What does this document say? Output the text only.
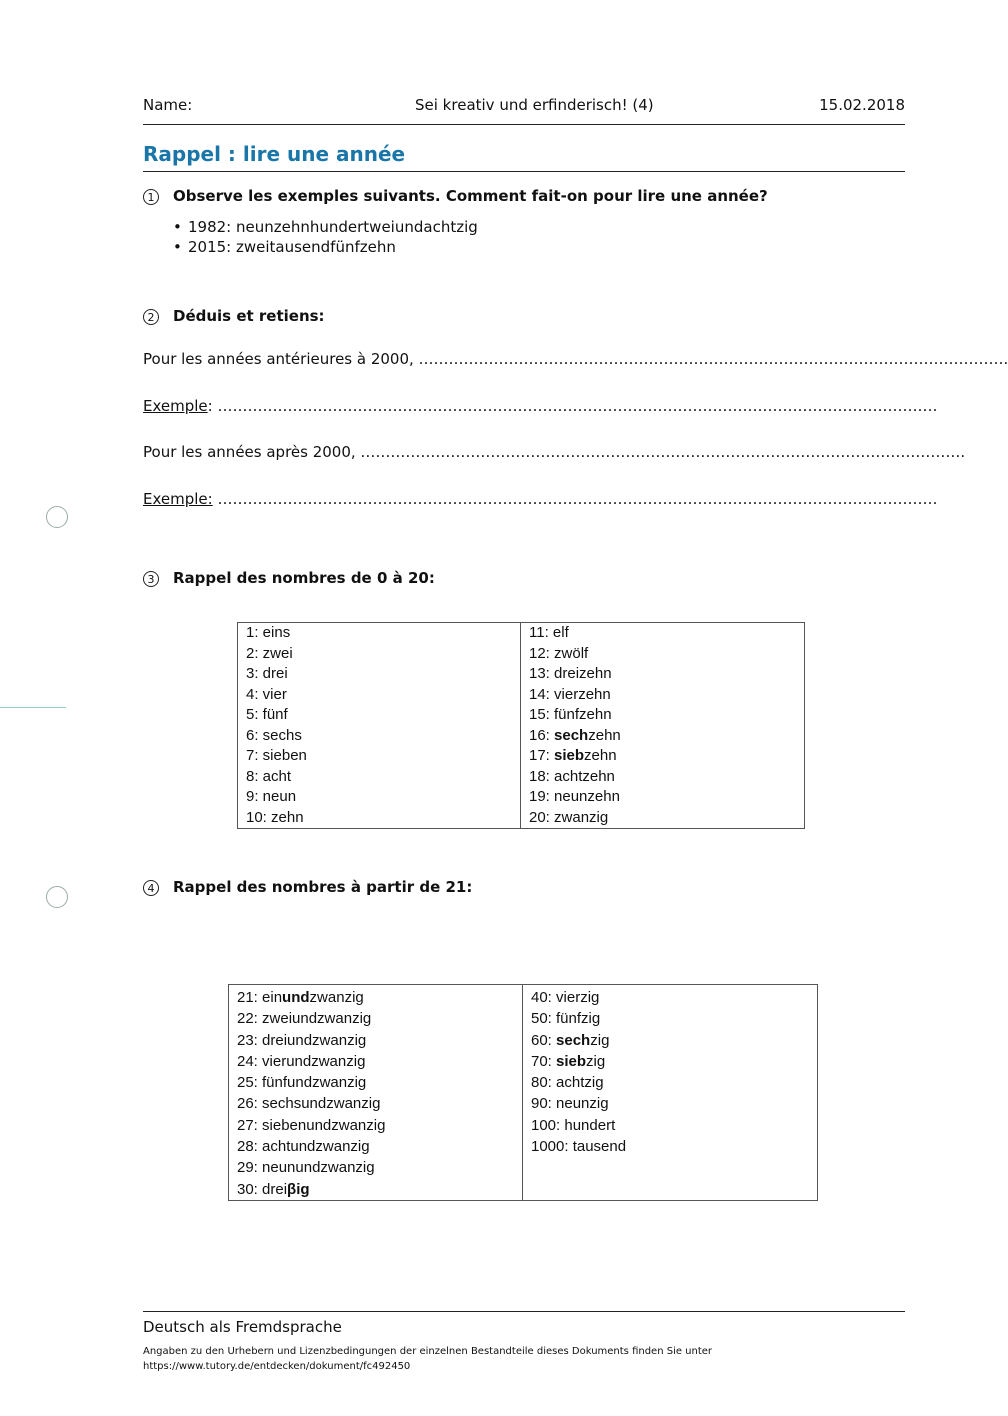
Name:	Sei kreativ und erfinderisch! (4)	15.02.2018
Rappel : lire une année
1	Observe les exemples suivants. Comment fait-on pour lire une année?
• 1982: neunzehnhundertweiundachtzig
• 2015: zweitausendfünfzehn
2	Déduis et retiens:
Pour les années antérieures à 2000, ……………………………………………………………………………………………………….
Exemple: ………………………………………………………………………………………………………………………………
Pour les années après 2000, ………………………………………………………………………………………………………….
Exemple: ………………………………………………………………………………………………………………………………
3	Rappel des nombres de 0 à 20:
1: eins
2: zwei
3: drei
4: vier
5: fünf
6: sechs
7: sieben
8: acht
9: neun
10: zehn

11: elf
12: zwölf
13: dreizehn
14: vierzehn
15: fünfzehn
16: sechzehn
17: siebzehn
18: achtzehn
19: neunzehn
20: zwanzig
4	Rappel des nombres à partir de 21:
21: einundzwanzig
22: zweiundzwanzig
23: dreiundzwanzig
24: vierundzwanzig
25: fünfundzwanzig
26: sechsundzwanzig
27: siebenundzwanzig
28: achtundzwanzig
29: neunundzwanzig
30: dreiβig

40: vierzig
50: fünfzig
60: sechzig
70: siebzig
80: achtzig
90: neunzig
100: hundert
1000: tausend
Deutsch als Fremdsprache
Angaben zu den Urhebern und Lizenzbedingungen der einzelnen Bestandteile dieses Dokuments finden Sie unter
https://www.tutory.de/entdecken/dokument/fc492450
